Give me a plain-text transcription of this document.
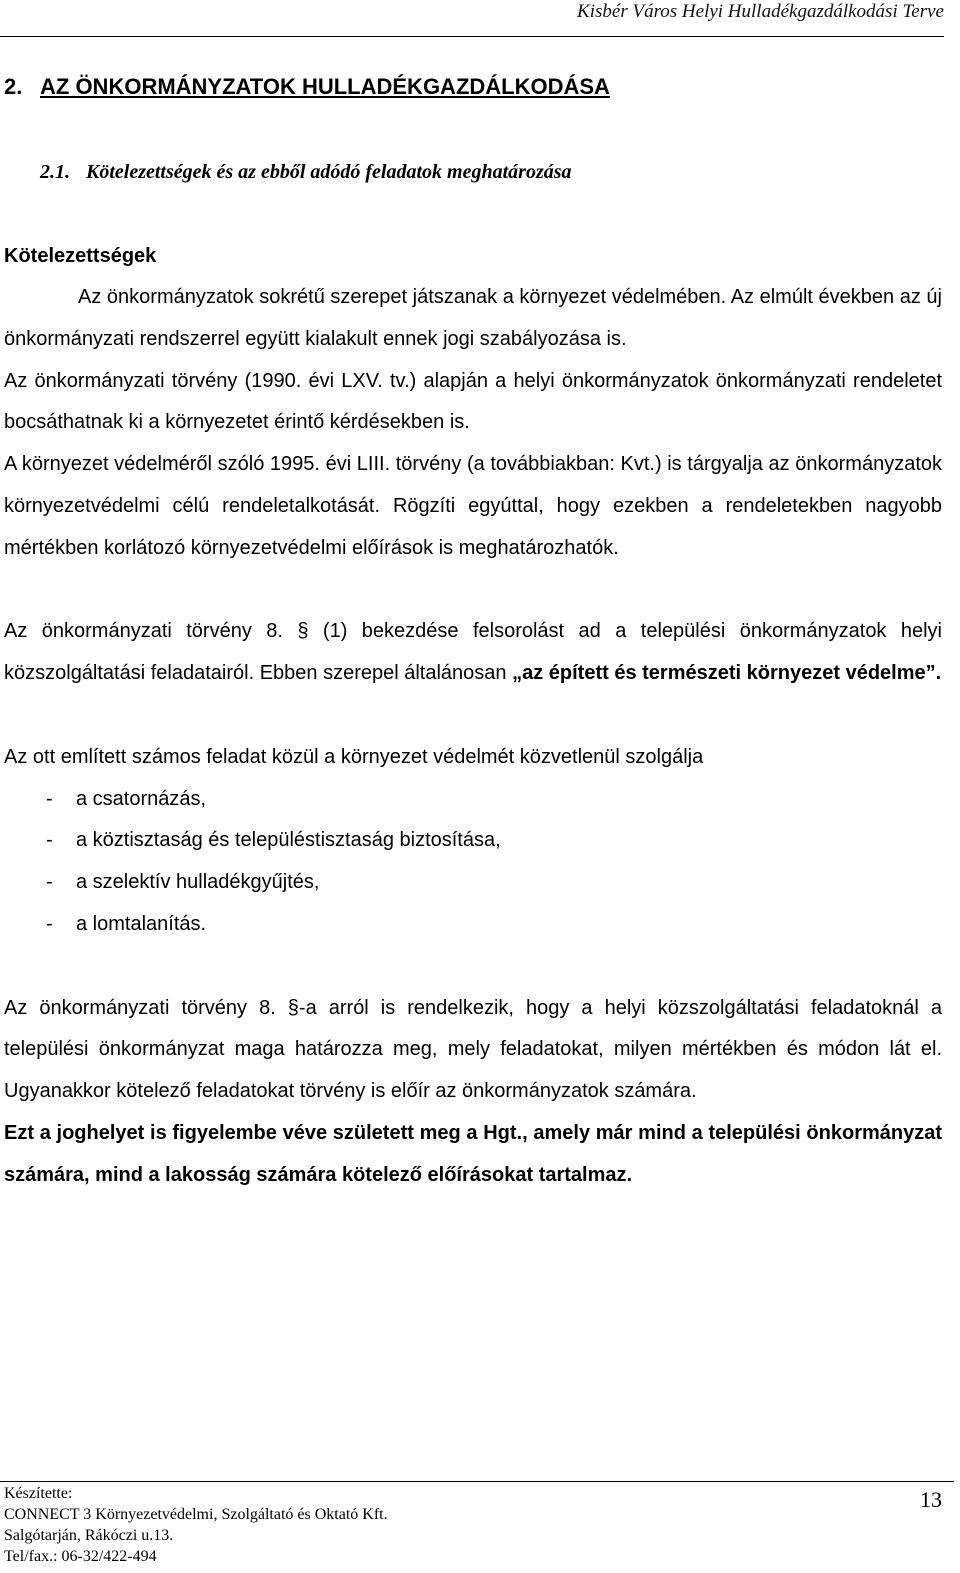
Kisbér Város Helyi Hulladékgazdálkodási Terve
2. AZ ÖNKORMÁNYZATOK HULLADÉKGAZDÁLKODÁSA
2.1. Kötelezettségek és az ebből adódó feladatok meghatározása
Kötelezettségek

Az önkormányzatok sokrétű szerepet játszanak a környezet védelmében. Az elmúlt években az új önkormányzati rendszerrel együtt kialakult ennek jogi szabályozása is.

Az önkormányzati törvény (1990. évi LXV. tv.) alapján a helyi önkormányzatok önkormányzati rendeletet bocsáthatnak ki a környezetet érintő kérdésekben is.

A környezet védelméről szóló 1995. évi LIII. törvény (a továbbiakban: Kvt.) is tárgyalja az önkormányzatok környezetvédelmi célú rendeletalkotását. Rögzíti egyúttal, hogy ezekben a rendeletekben nagyobb mértékben korlátozó környezetvédelmi előírások is meghatározhatók.

Az önkormányzati törvény 8. § (1) bekezdése felsorolást ad a települési önkormányzatok helyi közszolgáltatási feladatairól. Ebben szerepel általánosan „az épített és természeti környezet védelme”.

Az ott említett számos feladat közül a környezet védelmét közvetlenül szolgálja

-	a csatornázás,
-	a köztisztaság és településtisztaság biztosítása,
-	a szelektív hulladékgyűjtés,
-	a lomtalanítás.

Az önkormányzati törvény 8. §-a arról is rendelkezik, hogy a helyi közszolgáltatási feladatoknál a települési önkormányzat maga határozza meg, mely feladatokat, milyen mértékben és módon lát el. Ugyanakkor kötelező feladatokat törvény is előír az önkormányzatok számára.

Ezt a joghelyet is figyelembe véve született meg a Hgt., amely már mind a települési önkormányzat számára, mind a lakosság számára kötelező előírásokat tartalmaz.

Készítette:
CONNECT 3 Környezetvédelmi, Szolgáltató és Oktató Kft.
Salgótarján, Rákóczi u.13.
Tel/fax.: 06-32/422-494
13
